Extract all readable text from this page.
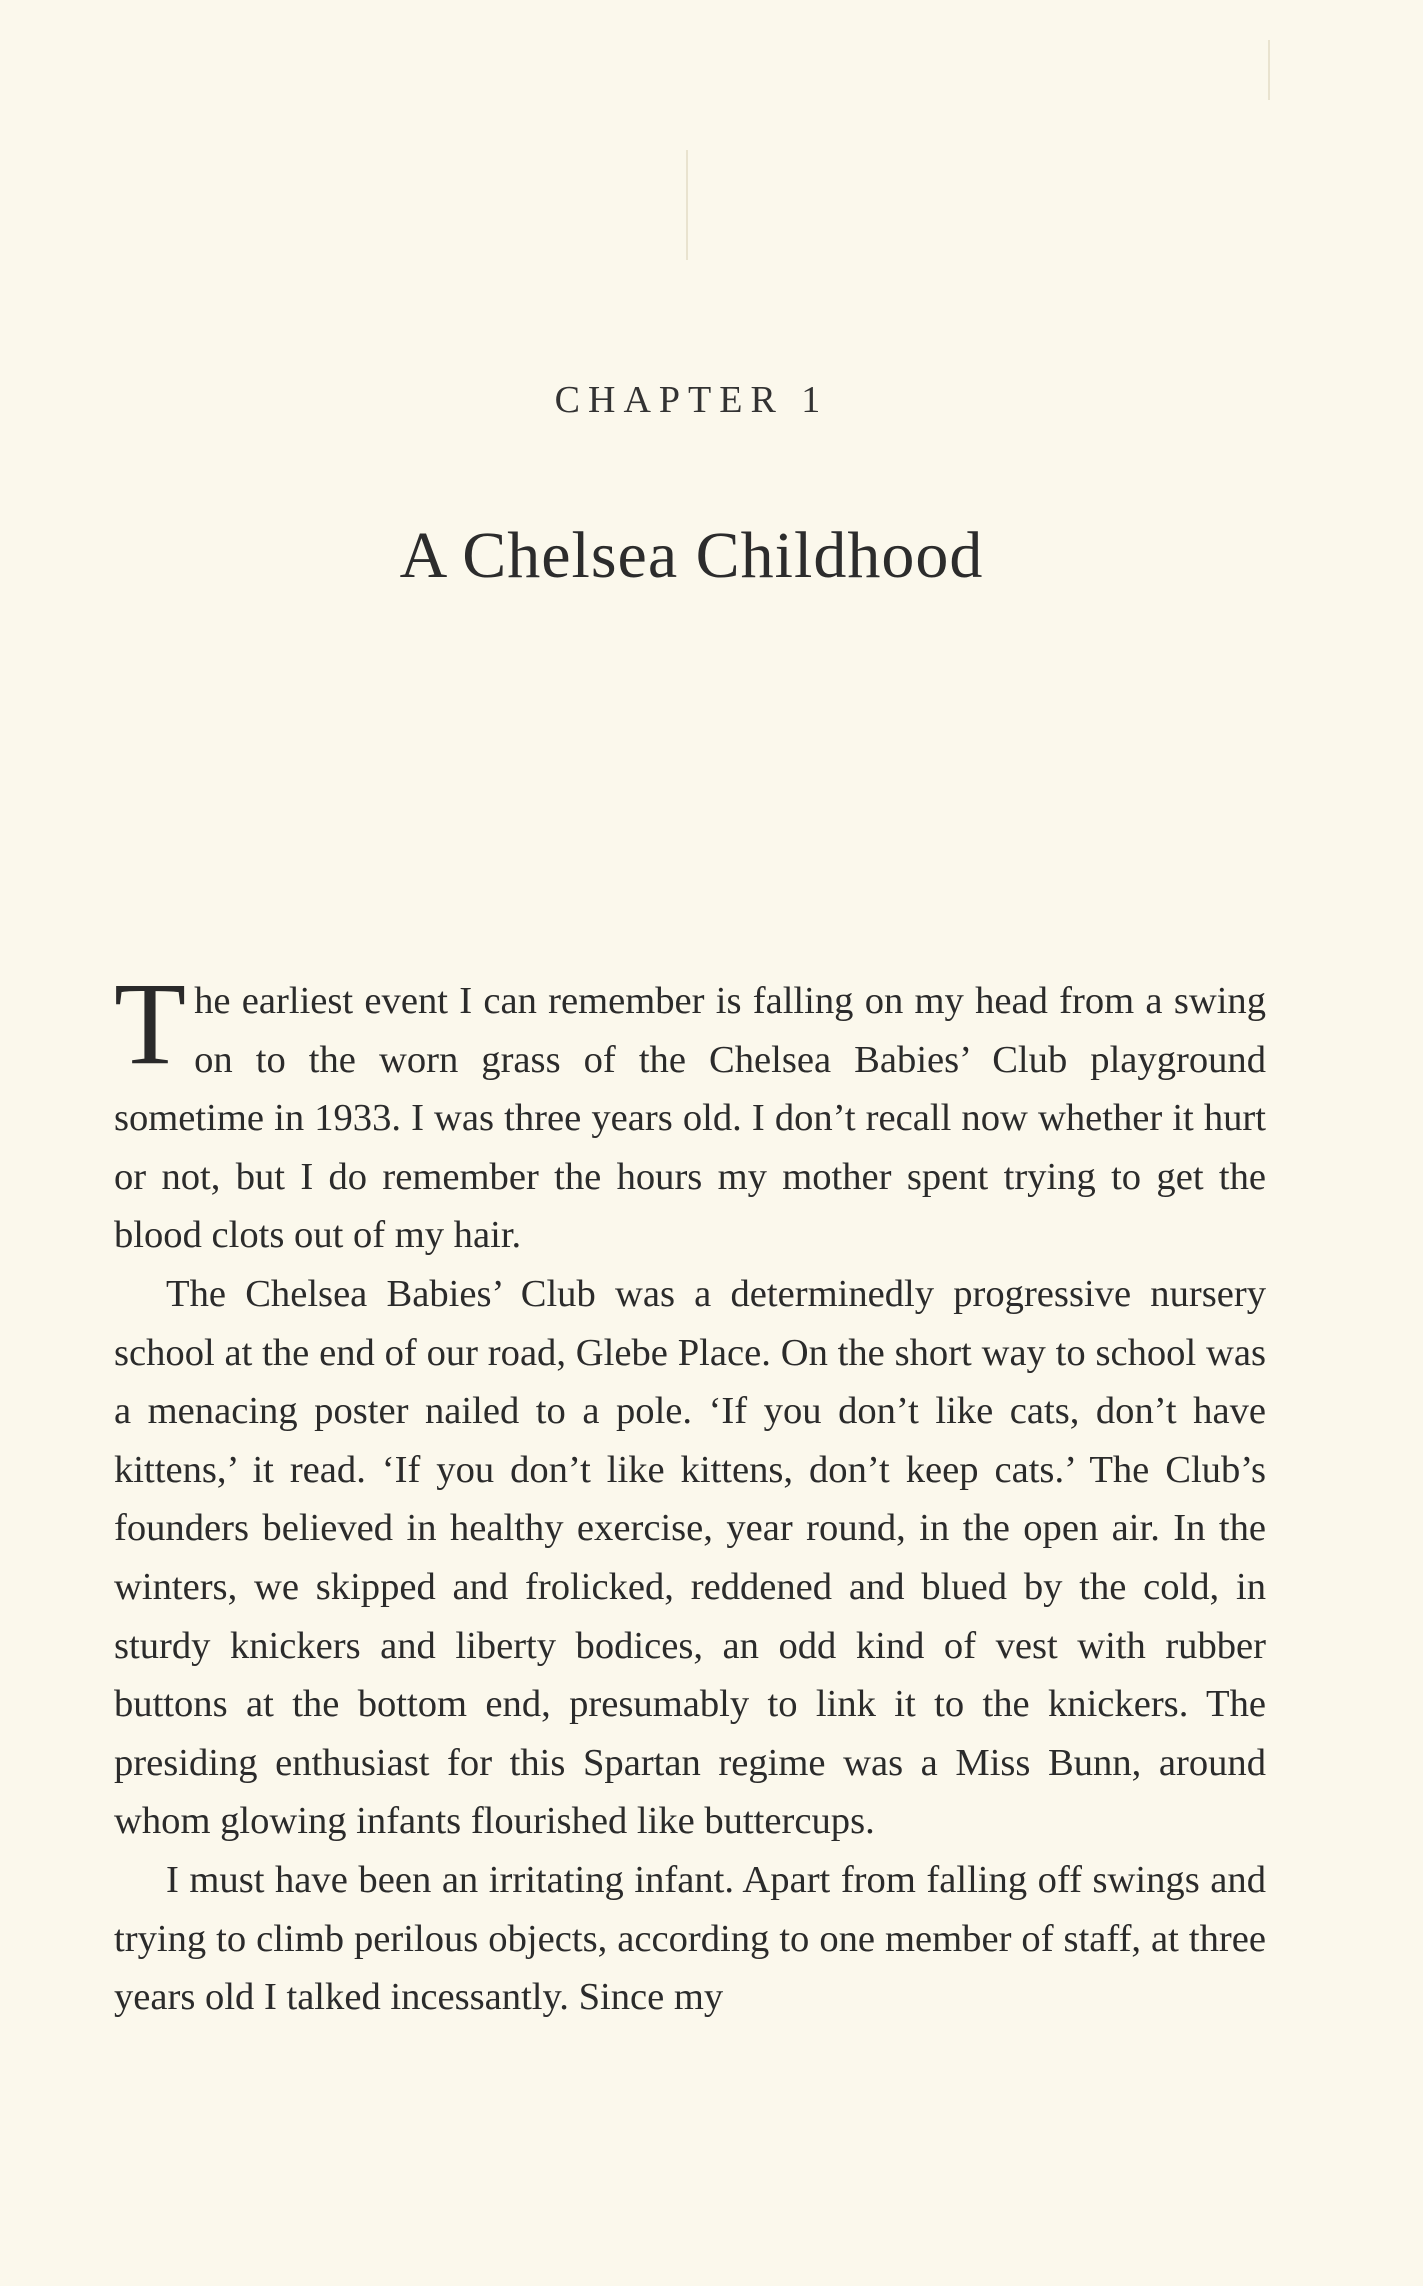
CHAPTER 1
A Chelsea Childhood

The earliest event I can remember is falling on my head from a swing on to the worn grass of the Chelsea Babies’ Club playground sometime in 1933. I was three years old. I don’t recall now whether it hurt or not, but I do remember the hours my mother spent trying to get the blood clots out of my hair.

The Chelsea Babies’ Club was a determinedly progressive nursery school at the end of our road, Glebe Place. On the short way to school was a menacing poster nailed to a pole. ‘If you don’t like cats, don’t have kittens,’ it read. ‘If you don’t like kittens, don’t keep cats.’ The Club’s founders believed in healthy exercise, year round, in the open air. In the winters, we skipped and frolicked, reddened and blued by the cold, in sturdy knickers and liberty bodices, an odd kind of vest with rubber buttons at the bottom end, presumably to link it to the knickers. The presiding enthusiast for this Spartan regime was a Miss Bunn, around whom glowing infants flourished like buttercups.

I must have been an irritating infant. Apart from falling off swings and trying to climb perilous objects, according to one member of staff, at three years old I talked incessantly. Since my
